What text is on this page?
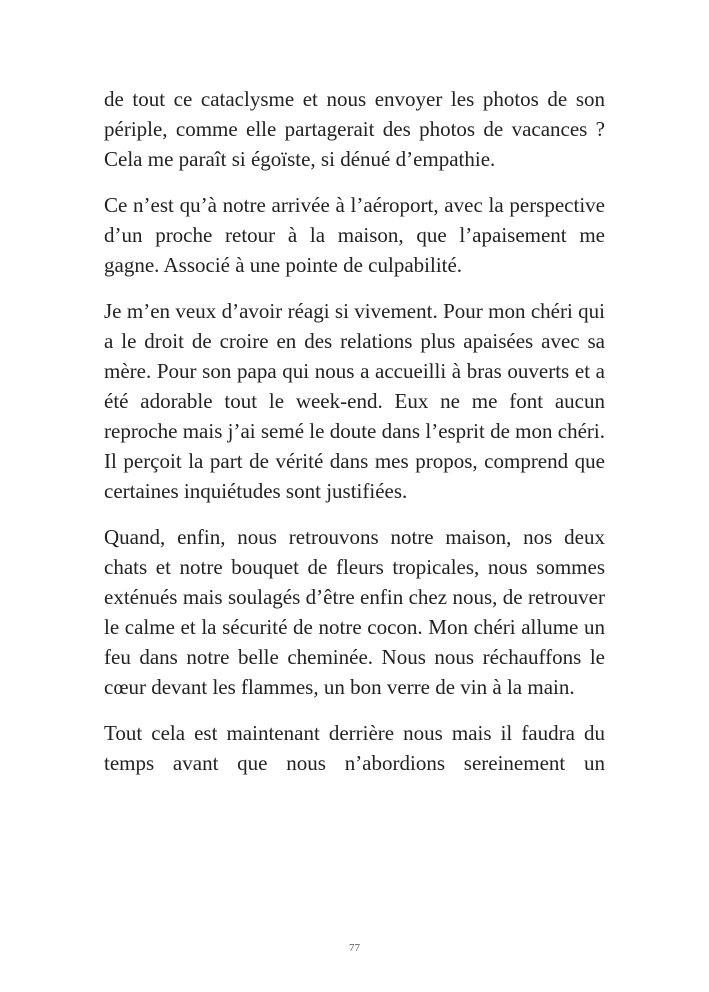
de tout ce cataclysme et nous envoyer les photos de son périple, comme elle partagerait des photos de vacances ? Cela me paraît si égoïste, si dénué d’empathie.

Ce n’est qu’à notre arrivée à l’aéroport, avec la perspective d’un proche retour à la maison, que l’apaisement me gagne. Associé à une pointe de culpabilité.

Je m’en veux d’avoir réagi si vivement. Pour mon chéri qui a le droit de croire en des relations plus apaisées avec sa mère. Pour son papa qui nous a accueilli à bras ouverts et a été adorable tout le week-end. Eux ne me font aucun reproche mais j’ai semé le doute dans l’esprit de mon chéri. Il perçoit la part de vérité dans mes propos, comprend que certaines inquiétudes sont justifiées.

Quand, enfin, nous retrouvons notre maison, nos deux chats et notre bouquet de fleurs tropicales, nous sommes exténués mais soulagés d’être enfin chez nous, de retrouver le calme et la sécurité de notre cocon. Mon chéri allume un feu dans notre belle cheminée. Nous nous réchauffons le cœur devant les flammes, un bon verre de vin à la main.

Tout cela est maintenant derrière nous mais il faudra du temps avant que nous n’abordions sereinement un

77
